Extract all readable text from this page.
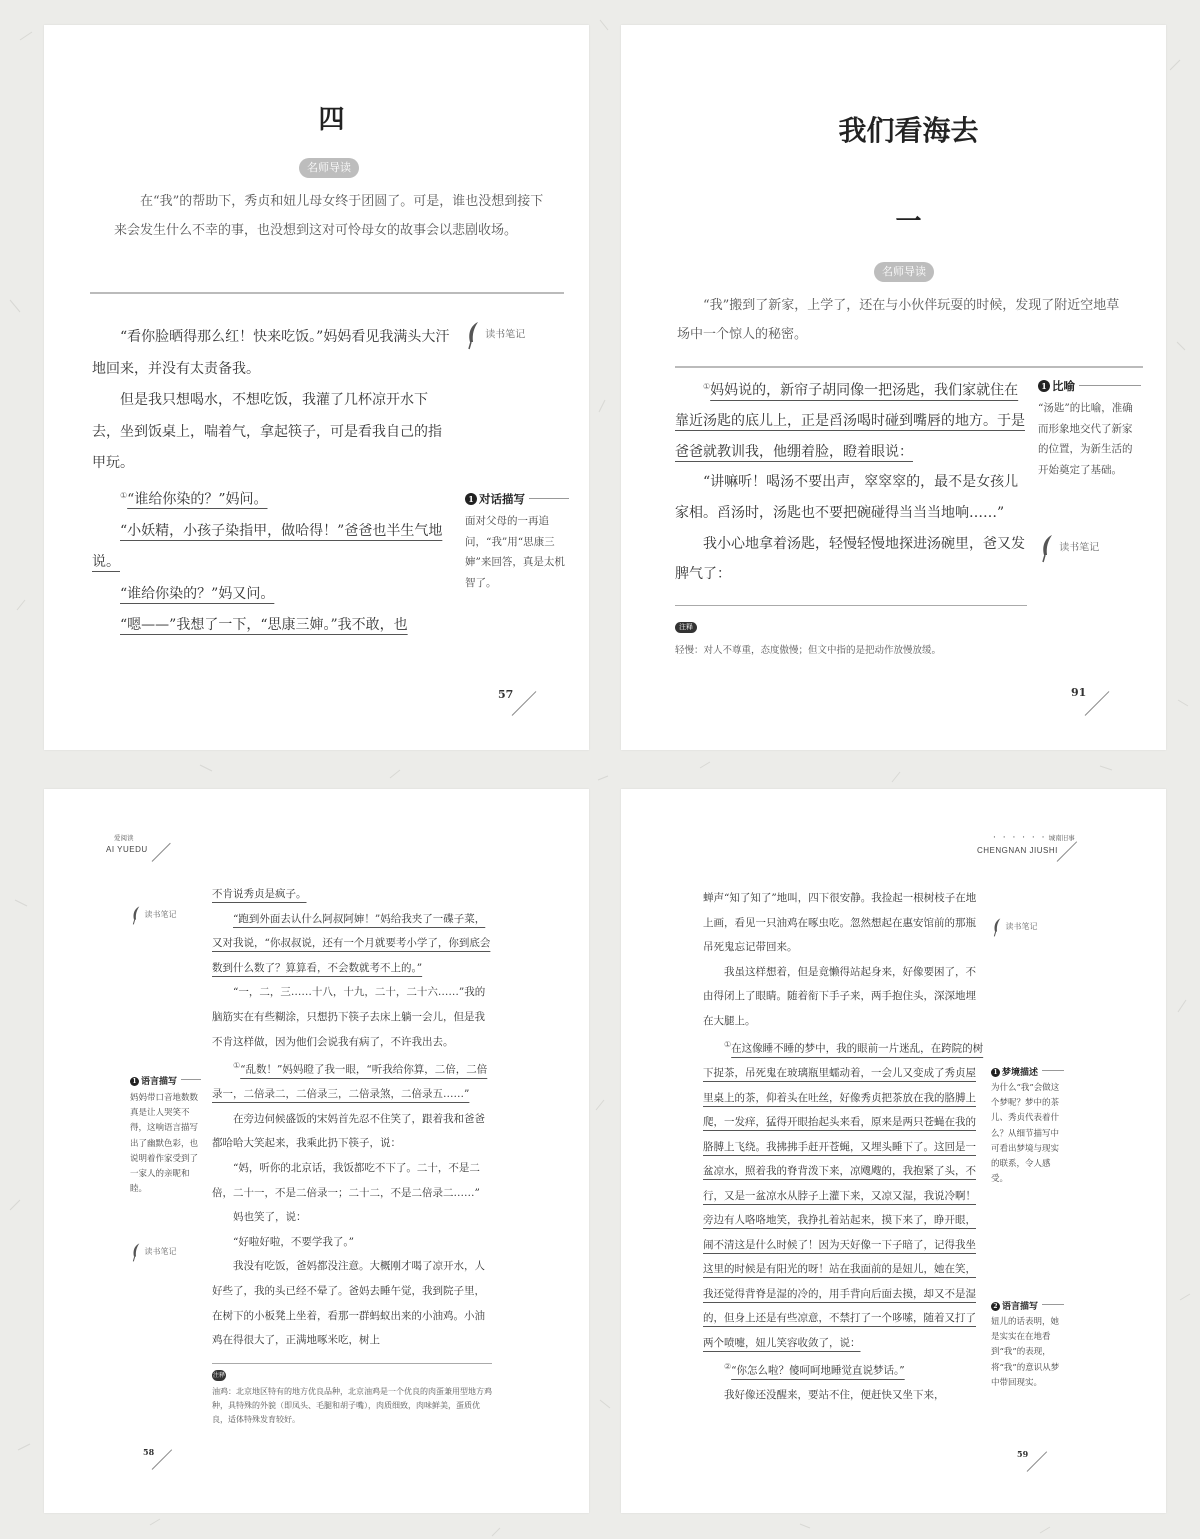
四
名师导读

在“我”的帮助下，秀贞和妞儿母女终于团圆了。可是，谁也没想到接下来会发生什么不幸的事，也没想到这对可怜母女的故事会以悲剧收场。

“看你脸晒得那么红！快来吃饭。”妈妈看见我满头大汗地回来，并没有太责备我。

但是我只想喝水，不想吃饭，我灌了几杯凉开水下去，坐到饭桌上，喘着气，拿起筷子，可是看我自己的指甲玩。

①“谁给你染的？”妈问。

“小妖精，小孩子染指甲，做哈得！”爸爸也半生气地说。

“谁给你染的？”妈又问。

“嗯——”我想了一下，“思康三婶。”我不敢，也

读书笔记
1 对话描写
面对父母的一再追问，“我”用“思康三婶”来回答，真是太机智了。
57
我们看海去
一
名师导读

“我”搬到了新家，上学了，还在与小伙伴玩耍的时候，发现了附近空地草场中一个惊人的秘密。

①妈妈说的，新帘子胡同像一把汤匙，我们家就住在靠近汤匙的底儿上，正是舀汤喝时碰到嘴唇的地方。于是爸爸就教训我，他绷着脸，瞪着眼说：

“讲嘛听！喝汤不要出声，窣窣窣的，最不是女孩儿家相。舀汤时，汤匙也不要把碗碰得当当当地响……”

我小心地拿着汤匙，轻慢轻慢地探进汤碗里，爸又发脾气了：

1 比喻
“汤匙”的比喻，准确而形象地交代了新家的位置，为新生活的开始奠定了基础。
读书笔记
注释
轻慢：对人不尊重，态度傲慢；但文中指的是把动作放慢放缓。
91
爱阅读
AI YUEDU
读书笔记

不肯说秀贞是疯子。

“跑到外面去认什么阿叔阿婶！”妈给我夹了一碟子菜，又对我说，“你叔叔说，还有一个月就要考小学了，你到底会数到什么数了？算算看，不会数就考不上的。”

“一，二，三……十八，十九，二十，二十六……”我的脑筋实在有些糊涂，只想扔下筷子去床上躺一会儿，但是我不肯这样做，因为他们会说我有病了，不许我出去。

①“乱数！”妈妈瞪了我一眼，“听我给你算，二倍，二倍录一，二倍录二，二倍录三，二倍录煞，二倍录五……”

在旁边伺候盛饭的宋妈首先忍不住笑了，跟着我和爸爸都哈哈大笑起来，我乘此扔下筷子，说：

“妈，听你的北京话，我饭都吃不下了。二十，不是二倍，二十一，不是二倍录一；二十二，不是二倍录二……”

妈也笑了，说：

“好啦好啦，不要学我了。”

我没有吃饭，爸妈都没注意。大概刚才喝了凉开水，人好些了，我的头已经不晕了。爸妈去睡午觉，我到院子里，在树下的小板凳上坐着，看那一群蚂蚁出来的小油鸡。小油鸡在得很大了，正满地啄米吃，树上

1 语言描写
妈妈带口音地数数真是让人哭笑不得，这响语言描写出了幽默色彩，也说明着作家受到了一家人的亲昵和睦。
读书笔记
注释
油鸡：北京地区特有的地方优良品种，北京油鸡是一个优良的肉蛋兼用型地方鸡种，具特殊的外貌（即凤头、毛腿和胡子嘴），肉质细致，肉味鲜美，蛋质优良，适体特殊发育较好。
58
· · · · · · 城南旧事
CHENGNAN JIUSHI

蝉声“知了知了”地叫，四下很安静。我捡起一根树枝子在地上画，看见一只油鸡在啄虫吃。忽然想起在惠安馆前的那瓶吊死鬼忘记带回来。

我虽这样想着，但是竟懒得站起身来，好像要困了，不由得闭上了眼睛。随着衔下手子来，两手抱住头，深深地埋在大腿上。

①在这像睡不睡的梦中，我的眼前一片迷乱，在跨院的树下捉茶，吊死鬼在玻璃瓶里蠕动着，一会儿又变成了秀贞屋里桌上的茶，仰着头在吐丝，好像秀贞把茶放在我的胳膊上爬，一发痒，猛得开眼抬起头来看，原来是两只苍蝇在我的胳膊上飞绕。我拂拂手赶开苍蝇，又埋头睡下了。这回是一盆凉水，照着我的脊背泼下来，凉飕飕的，我抱紧了头，不行，又是一盆凉水从脖子上灌下来，又凉又湿，我说冷啊！旁边有人咯咯地笑，我挣扎着站起来，摸下来了，睁开眼，闹不清这是什么时候了！因为天好像一下子暗了，记得我坐这里的时候是有阳光的呀！站在我面前的是妞儿，她在笑，我还觉得背脊是湿的冷的，用手背向后面去摸，却又不是湿的，但身上还是有些凉意，不禁打了一个哆嗦，随着又打了两个喷嚏，妞儿笑容收敛了，说：

②“你怎么啦？傻呵呵地睡觉直说梦话。”

我好像还没醒来，要站不住，便赶快又坐下来，

读书笔记
1 梦境描述
为什么“我”会做这个梦呢？梦中的茶儿、秀贞代表着什么？从细节描写中可看出梦境与现实的联系，令人感受。
2 语言描写
妞儿的话表明，她是实实在在地看到“我”的表现，将“我”的意识从梦中带回现实。
59
